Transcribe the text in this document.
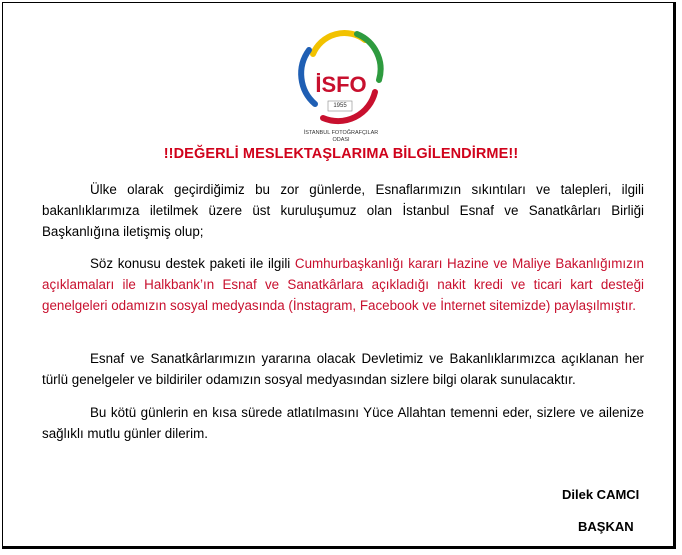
İSFO
1955
İSTANBUL FOTOĞRAFÇILAR
ODASI
!!DEĞERLİ MESLEKTAŞLARIMA BİLGİLENDİRME!!
Ülke olarak geçirdiğimiz bu zor günlerde, Esnaflarımızın sıkıntıları ve talepleri, ilgili bakanlıklarımıza iletilmek üzere üst kuruluşumuz olan İstanbul Esnaf ve Sanatkârları Birliği Başkanlığına iletişmiş olup;
Söz konusu destek paketi ile ilgili Cumhurbaşkanlığı kararı Hazine ve Maliye Bakanlığımızın açıklamaları ile Halkbank’ın Esnaf ve Sanatkârlara açıkladığı nakit kredi ve ticari kart desteği genelgeleri odamızın sosyal medyasında (İnstagram, Facebook ve İnternet sitemizde) paylaşılmıştır.
Esnaf ve Sanatkârlarımızın yararına olacak Devletimiz ve Bakanlıklarımızca açıklanan her türlü genelgeler ve bildiriler odamızın sosyal medyasından sizlere bilgi olarak sunulacaktır.
Bu kötü günlerin en kısa sürede atlatılmasını Yüce Allahtan temenni eder, sizlere ve ailenize sağlıklı mutlu günler dilerim.
Dilek CAMCI
BAŞKAN
